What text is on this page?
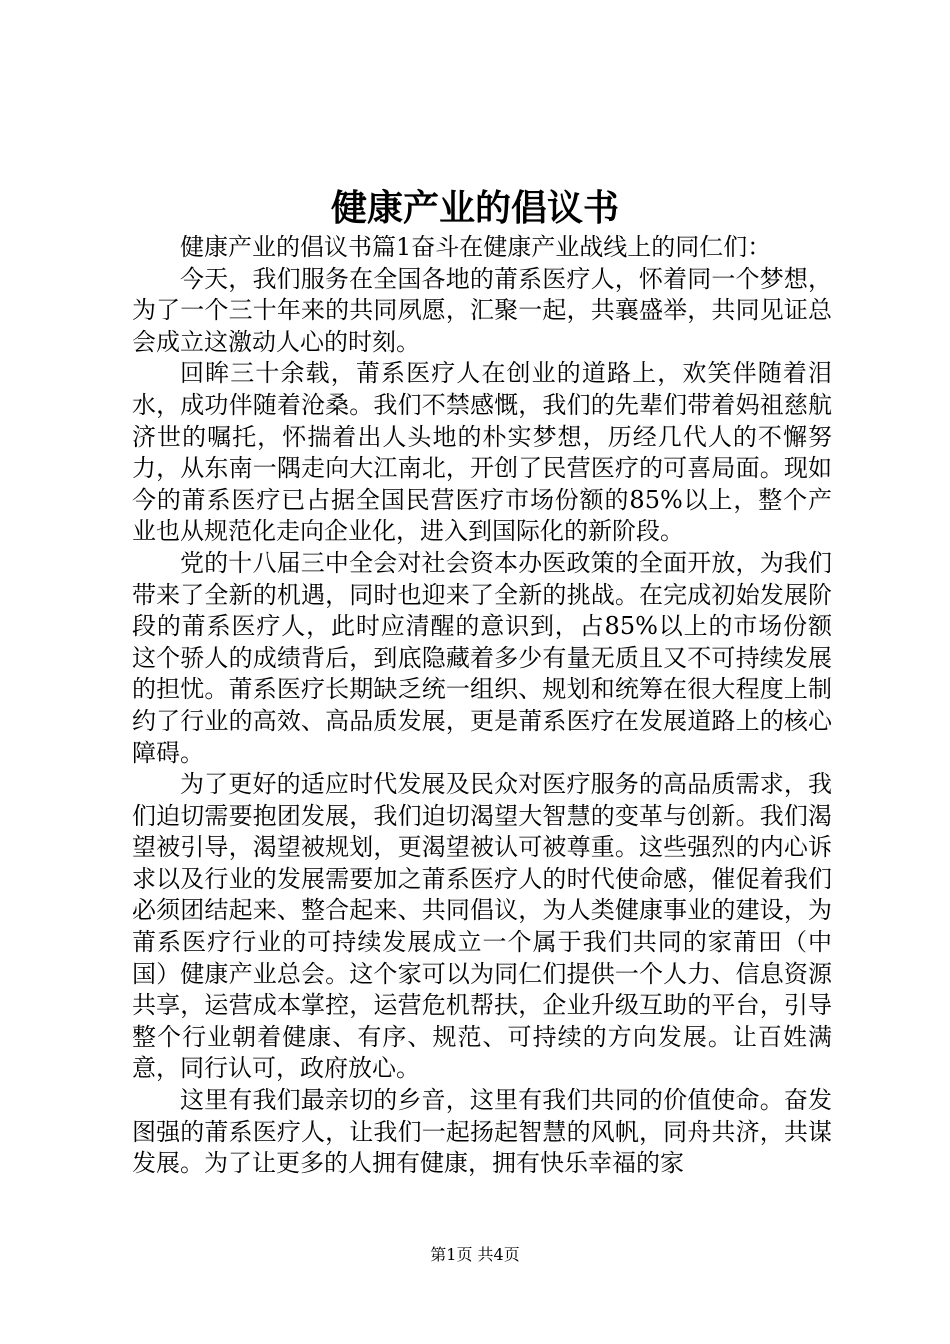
健康产业的倡议书

健康产业的倡议书篇1奋斗在健康产业战线上的同仁们：

今天，我们服务在全国各地的莆系医疗人，怀着同一个梦想，为了一个三十年来的共同夙愿，汇聚一起，共襄盛举，共同见证总会成立这激动人心的时刻。

回眸三十余载，莆系医疗人在创业的道路上，欢笑伴随着泪水，成功伴随着沧桑。我们不禁感慨，我们的先辈们带着妈祖慈航济世的嘱托，怀揣着出人头地的朴实梦想，历经几代人的不懈努力，从东南一隅走向大江南北，开创了民营医疗的可喜局面。现如今的莆系医疗已占据全国民营医疗市场份额的85%以上，整个产业也从规范化走向企业化，进入到国际化的新阶段。

党的十八届三中全会对社会资本办医政策的全面开放，为我们带来了全新的机遇，同时也迎来了全新的挑战。在完成初始发展阶段的莆系医疗人，此时应清醒的意识到，占85%以上的市场份额这个骄人的成绩背后，到底隐藏着多少有量无质且又不可持续发展的担忧。莆系医疗长期缺乏统一组织、规划和统筹在很大程度上制约了行业的高效、高品质发展，更是莆系医疗在发展道路上的核心障碍。

为了更好的适应时代发展及民众对医疗服务的高品质需求，我们迫切需要抱团发展，我们迫切渴望大智慧的变革与创新。我们渴望被引导，渴望被规划，更渴望被认可被尊重。这些强烈的内心诉求以及行业的发展需要加之莆系医疗人的时代使命感，催促着我们必须团结起来、整合起来、共同倡议，为人类健康事业的建设，为莆系医疗行业的可持续发展成立一个属于我们共同的家莆田（中国）健康产业总会。这个家可以为同仁们提供一个人力、信息资源共享，运营成本掌控，运营危机帮扶，企业升级互助的平台，引导整个行业朝着健康、有序、规范、可持续的方向发展。让百姓满意，同行认可，政府放心。

这里有我们最亲切的乡音，这里有我们共同的价值使命。奋发图强的莆系医疗人，让我们一起扬起智慧的风帆，同舟共济，共谋发展。为了让更多的人拥有健康，拥有快乐幸福的家

第1页 共4页
